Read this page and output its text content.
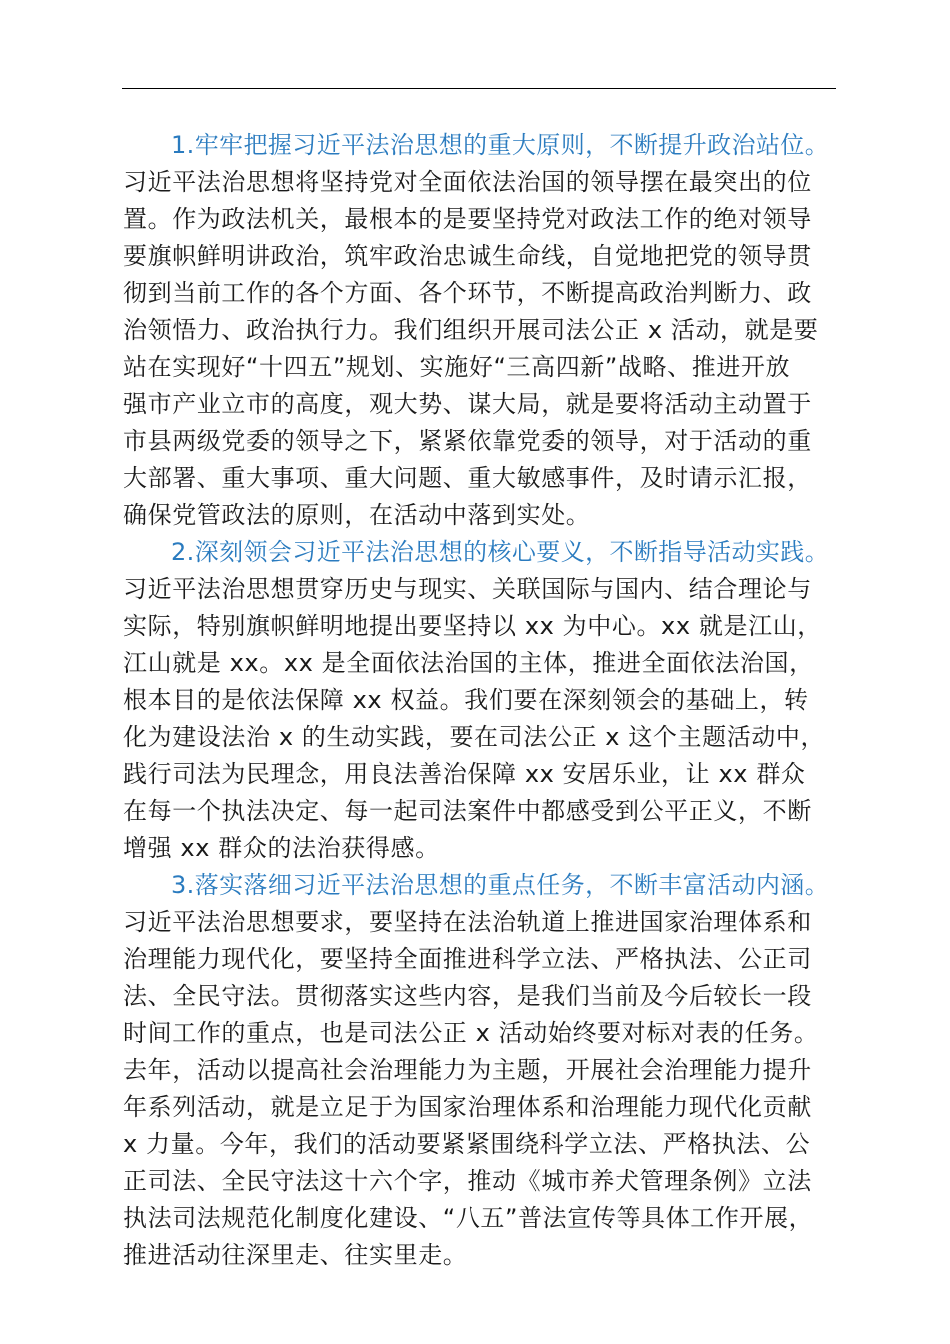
1.牢牢把握习近平法治思想的重大原则，不断提升政治站位。
习近平法治思想将坚持党对全面依法治国的领导摆在最突出的位
置。作为政法机关，最根本的是要坚持党对政法工作的绝对领导
要旗帜鲜明讲政治，筑牢政治忠诚生命线，自觉地把党的领导贯
彻到当前工作的各个方面、各个环节，不断提高政治判断力、政
治领悟力、政治执行力。我们组织开展司法公正 x 活动，就是要
站在实现好“十四五”规划、实施好“三高四新”战略、推进开放
强市产业立市的高度，观大势、谋大局，就是要将活动主动置于
市县两级党委的领导之下，紧紧依靠党委的领导，对于活动的重
大部署、重大事项、重大问题、重大敏感事件，及时请示汇报，
确保党管政法的原则，在活动中落到实处。
2.深刻领会习近平法治思想的核心要义，不断指导活动实践。
习近平法治思想贯穿历史与现实、关联国际与国内、结合理论与
实际，特别旗帜鲜明地提出要坚持以 xx 为中心。xx 就是江山，
江山就是 xx。xx 是全面依法治国的主体，推进全面依法治国，
根本目的是依法保障 xx 权益。我们要在深刻领会的基础上，转
化为建设法治 x 的生动实践，要在司法公正 x 这个主题活动中，
践行司法为民理念，用良法善治保障 xx 安居乐业，让 xx 群众
在每一个执法决定、每一起司法案件中都感受到公平正义，不断
增强 xx 群众的法治获得感。
3.落实落细习近平法治思想的重点任务，不断丰富活动内涵。
习近平法治思想要求，要坚持在法治轨道上推进国家治理体系和
治理能力现代化，要坚持全面推进科学立法、严格执法、公正司
法、全民守法。贯彻落实这些内容，是我们当前及今后较长一段
时间工作的重点，也是司法公正 x 活动始终要对标对表的任务。
去年，活动以提高社会治理能力为主题，开展社会治理能力提升
年系列活动，就是立足于为国家治理体系和治理能力现代化贡献
x 力量。今年，我们的活动要紧紧围绕科学立法、严格执法、公
正司法、全民守法这十六个字，推动《城市养犬管理条例》立法
执法司法规范化制度化建设、“八五”普法宣传等具体工作开展，
推进活动往深里走、往实里走。
